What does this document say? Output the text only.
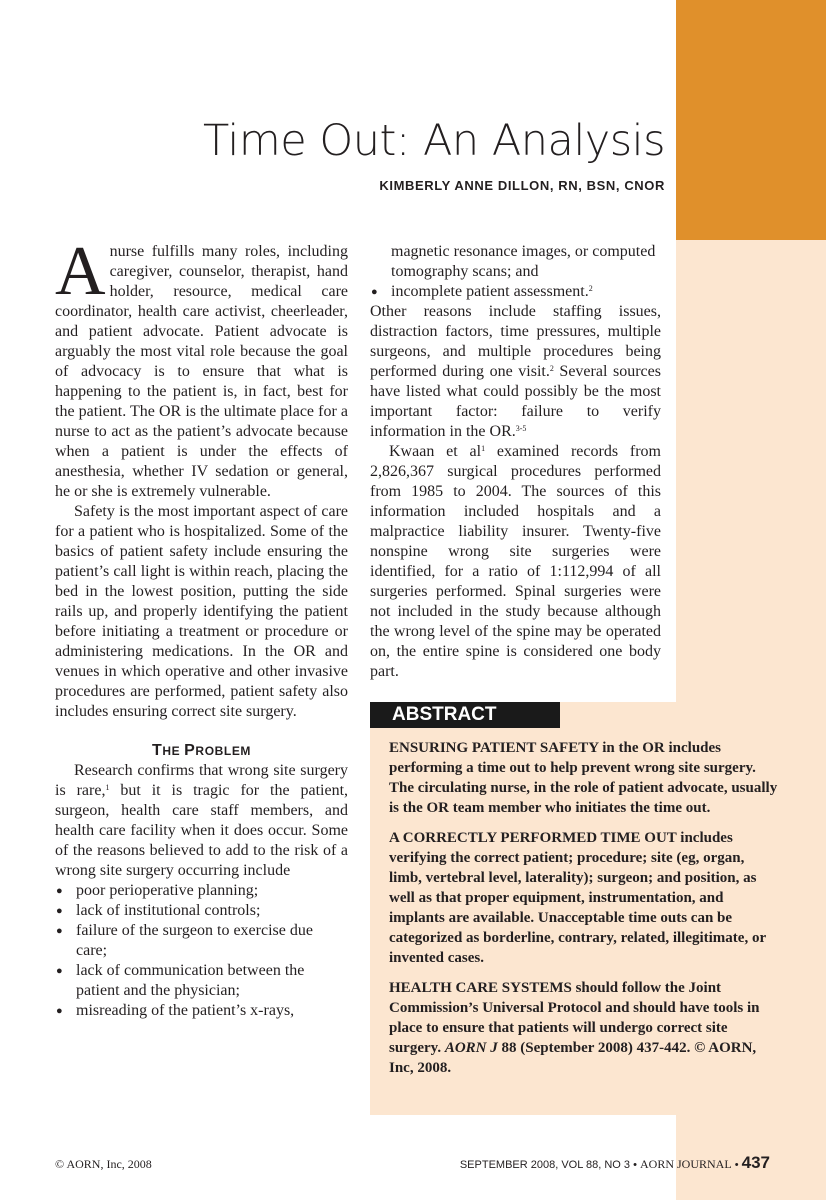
Time Out: An Analysis
KIMBERLY ANNE DILLON, RN, BSN, CNOR

Anurse fulfills many roles, including caregiver, counselor, therapist, hand holder, resource, medical care coordinator, health care activist, cheerleader, and patient advocate. Patient advocate is arguably the most vital role because the goal of advocacy is to ensure that what is happening to the patient is, in fact, best for the patient. The OR is the ultimate place for a nurse to act as the patient’s advocate because when a patient is under the effects of anesthesia, whether IV sedation or general, he or she is extremely vulnerable.

Safety is the most important aspect of care for a patient who is hospitalized. Some of the basics of patient safety include ensuring the patient’s call light is within reach, placing the bed in the lowest position, putting the side rails up, and properly identifying the patient before initiating a treatment or procedure or administering medications. In the OR and venues in which operative and other invasive procedures are performed, patient safety also includes ensuring correct site surgery.

THE PROBLEM

Research confirms that wrong site surgery is rare,$^1$ but it is tragic for the patient, surgeon, health care staff members, and health care facility when it does occur. Some of the reasons believed to add to the risk of a wrong site surgery occurring include

● poor perioperative planning;
● lack of institutional controls;
● failure of the surgeon to exercise due care;
● lack of communication between the patient and the physician;
● misreading of the patient’s x-rays,
magnetic resonance images, or computed tomography scans; and
● incomplete patient assessment.$^2$

Other reasons include staffing issues, distraction factors, time pressures, multiple surgeons, and multiple procedures being performed during one visit.$^2$ Several sources have listed what could possibly be the most important factor: failure to verify information in the OR.$^{3-5}$

Kwaan et $al^1$ examined records from 2,826,367 surgical procedures performed from 1985 to 2004. The sources of this information included hospitals and a malpractice liability insurer. Twenty-five nonspine wrong site surgeries were identified, for a ratio of 1:112,994 of all surgeries performed. Spinal surgeries were not included in the study because although the wrong level of the spine may be operated on, the entire spine is considered one body part.

ABSTRACT

ENSURING PATIENT SAFETY in the OR includes performing a time out to help prevent wrong site surgery. The circulating nurse, in the role of patient advocate, usually is the OR team member who initiates the time out.

A CORRECTLY PERFORMED TIME OUT includes verifying the correct patient; procedure; site (eg, organ, limb, vertebral level, laterality); surgeon; and position, as well as that proper equipment, instrumentation, and implants are available. Unacceptable time outs can be categorized as borderline, contrary, related, illegitimate, or invented cases.

HEALTH CARE SYSTEMS should follow the Joint Commission’s Universal Protocol and should have tools in place to ensure that patients will undergo correct site surgery. AORN J 88 (September 2008) 437-442. © AORN, Inc, 2008.

© AORN, Inc, 2008	SEPTEMBER 2008, VOL 88, NO 3 • AORN JOURNAL • 437
